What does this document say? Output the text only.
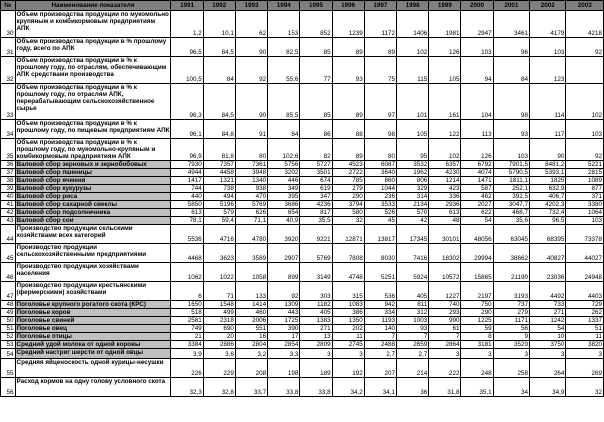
№	Наименование показателя	1991	1992	1993	1994	1995	1996	1997	1998	1999	2000	2001	2002	2003
30	Объем производства продукции по мукомольно крупяным и комбикормовым предприятиям АПК	1,2	10,1	62	153	852	1239	1172	1406	1981	2947	3461	4179	4218
31	Объем производства продукции в % прошлому году, всего по АПК	96,5	84,5	90	82,5	85	89	89	102	126	103	96	103	92
32	Объем производства продукции в % к прошлому году, по отраслям, обеспечивающим АПК средствами производства	100,5	84	92	55,6	77	93	75	115	105	94	84	123	
33	Объем производства продукции в % к прошлому году, по отраслям АПК, перерабатывающим сельскохозяйственное сырье	96,3	84,5	90	85,5	85	89	97	101	161	104	98	114	102
34	Объем производства продукции в % к прошлому году, по пищевым предприятиям АПК	96,1	84,8	91	84	86	88	98	105	122	113	93	117	103
35	Объем производства продукции в % к прошлому году, по мукомольно-крупяным и комбикормовым предприятиям АПК	96,9	81,8	80	102,6	82	89	80	95	102	126	103	90	92
36	Валовой сбор зерновых и зернобобовых	7930	7357	7361	5756	5727	4523	6087	3532	6357	6792	7901,5	8481,2	5221
37	Валовой сбор пшеницы	4944	4458	3948	3202	3501	2722	3640	1962	4230	4074	5790,5	5393,1	2815
38	Валовой сбор ячменя	1417	1321	1340	446	674	785	860	806	1214	1471	1811,1	1825	1089
39	Валовой сбор кукурузы	744	738	938	349	619	279	1044	329	423	587	252,1	632,9	877
40	Валовой сбор риса	440	494	470	395	347	290	236	314	336	462	392,5	406,7	371
41	Валовой сбор сахарной свеклы	5850	5196	5769	3686	4236	3794	3533	2134	2936	2027	3047,7	4202,3	3380
42	Валовой сбор подсолнечника	613	579	626	654	817	580	526	570	613	622	468,7	732,4	1064
43	Валовой сбор сои	78,1	59,4	71,1	40,9	35,5	32	45	42	48	54	35,6	96,5	103
44	Производство продукции сельскими хозяйствами всех категорий	5536	4716	4780	3920	9221	12871	13817	17345	30101	48056	63045	68395	73378
45	Производство продукции сельскохозяйственными предприятиями	4468	3623	3589	2907	5769	7808	8030	7416	18302	29994	38662	40827	44027
46	Производство продукции хозяйствами населения	1062	1022	1058	899	3149	4748	5251	5924	10572	15865	21190	23036	24948
47	Производство продукции крестьянскими (фермерскими) хозяйствами	6	71	133	92	303	315	536	405	1227	2197	3193	4492	4403
48	Поголовье крупного рогатого скота (КРС)	1650	1548	1414	1309	1182	1083	942	811	740	750	737	733	729
49	Поголовье коров	518	499	460	443	405	386	334	312	293	290	279	271	262
50	Поголовье свиней	2581	2318	2006	1725	1383	1350	1193	1003	990	1225	1171	1242	1337
51	Поголовье овец	749	690	551	390	271	202	140	93	61	59	56	54	51
52	Поголовье птицы	21	20	16	17	13	11	7	7	7	8	9	10	11
53	Средний удой молока от одной коровы	3384	2886	2804	2854	2809	2745	2488	2659	2864	3181	3529	3750	3820
54	Средний настриг шерсти от одной овцы	3,9	3,6	3,2	3,3	3	3	2,7	2,7	3	3	3	3	3
55	Средняя яйценоскость одной курицы-несушки	226	229	208	198	189	192	207	214	222	248	258	264	269
56	Расход кормов на одну голову условного скота	32,3	32,8	33,7	33,8	33,8	34,2	34,1	36	31,8	35,1	34	34,9	32
